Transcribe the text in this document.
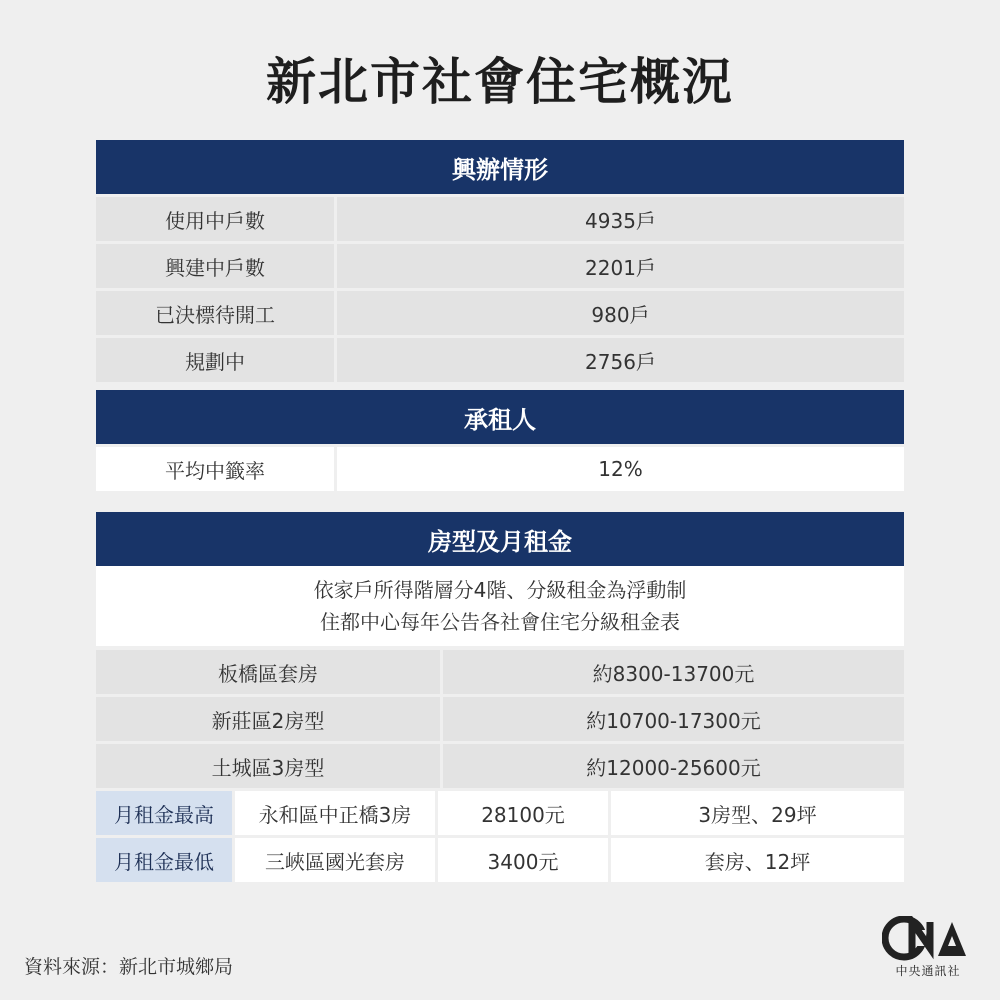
新北市社會住宅概況
興辦情形
使用中戶數	4935戶
興建中戶數	2201戶
已決標待開工	980戶
規劃中	2756戶
承租人
平均中籤率	12%
房型及月租金
依家戶所得階層分4階、分級租金為浮動制
住都中心每年公告各社會住宅分級租金表
板橋區套房	約8300-13700元
新莊區2房型	約10700-17300元
土城區3房型	約12000-25600元
月租金最高	永和區中正橋3房	28100元	3房型、29坪
月租金最低	三峽區國光套房	3400元	套房、12坪
資料來源：新北市城鄉局	中央通訊社
